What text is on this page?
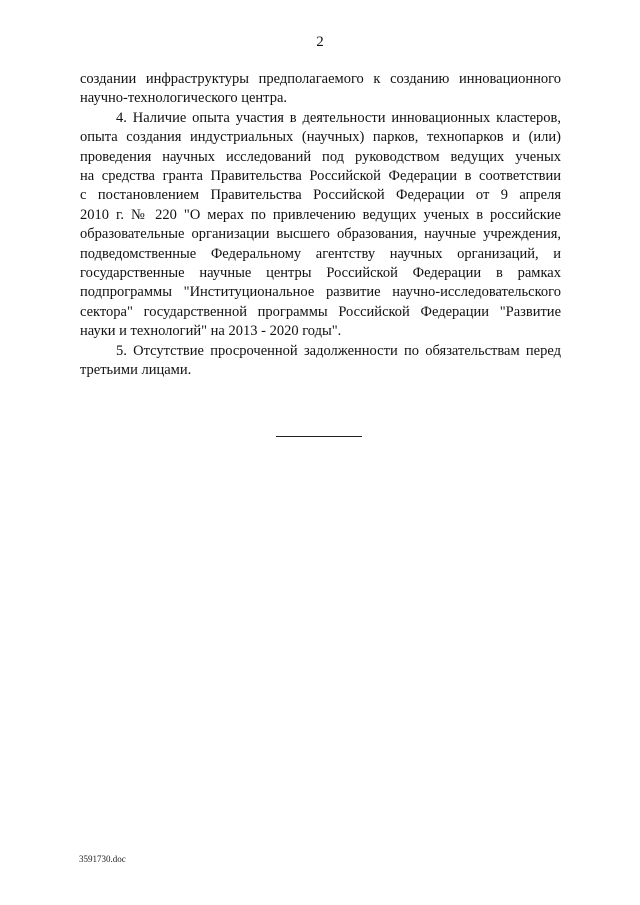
2

создании инфраструктуры предполагаемого к созданию инновационного
научно-технологического центра.

4. Наличие опыта участия в деятельности инновационных кластеров,
опыта создания индустриальных (научных) парков, технопарков и (или)
проведения научных исследований под руководством ведущих ученых
на средства гранта Правительства Российской Федерации в соответствии
с постановлением Правительства Российской Федерации от 9 апреля
2010 г. № 220 "О мерах по привлечению ведущих ученых в российские
образовательные организации высшего образования, научные учреждения,
подведомственные Федеральному агентству научных организаций, и
государственные научные центры Российской Федерации в рамках
подпрограммы "Институциональное развитие научно-исследовательского
сектора" государственной программы Российской Федерации "Развитие
науки и технологий" на 2013 - 2020 годы".

5. Отсутствие просроченной задолженности по обязательствам перед
третьими лицами.

3591730.doc
